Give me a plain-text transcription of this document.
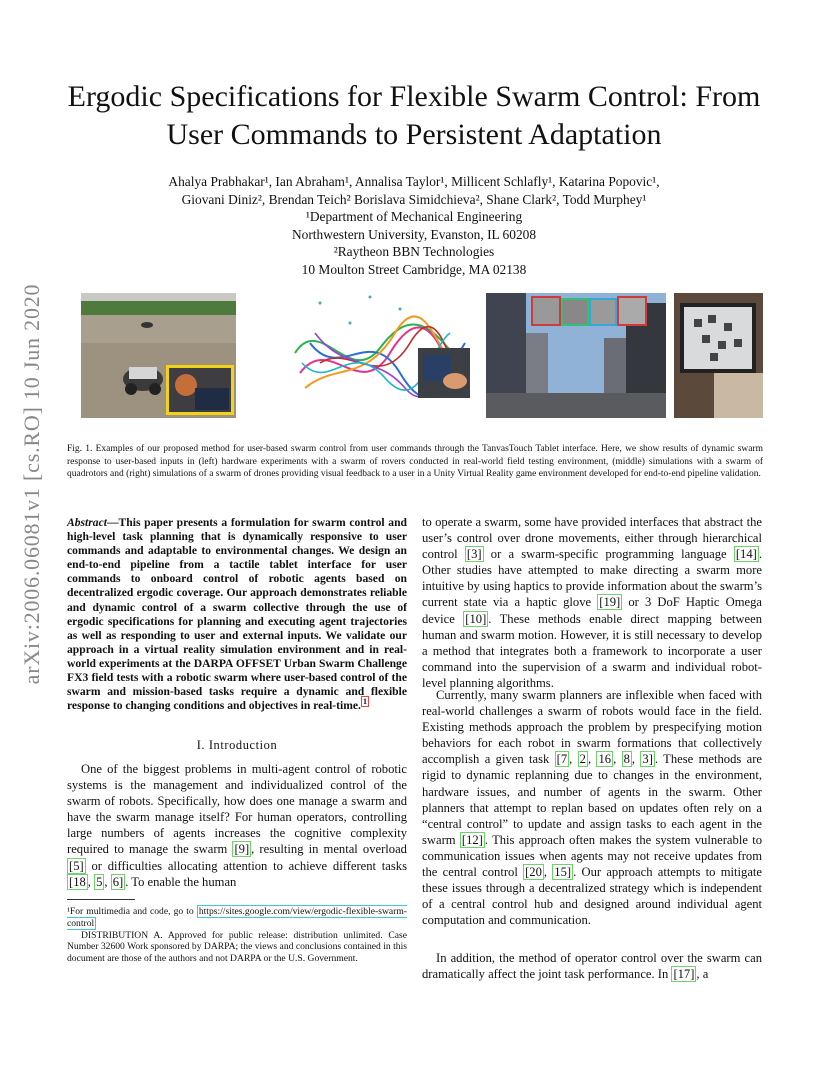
Ergodic Specifications for Flexible Swarm Control: From User Commands to Persistent Adaptation
Ahalya Prabhakar¹, Ian Abraham¹, Annalisa Taylor¹, Millicent Schlafly¹, Katarina Popovic¹,
Giovani Diniz², Brendan Teich² Borislava Simidchieva², Shane Clark², Todd Murphey¹
¹Department of Mechanical Engineering
Northwestern University, Evanston, IL 60208
²Raytheon BBN Technologies
10 Moulton Street Cambridge, MA 02138
arXiv:2006.06081v1 [cs.RO] 10 Jun 2020 Fig. 1. Examples of our proposed method for user-based swarm control from user commands through the TanvasTouch Tablet interface. Here, we show results of dynamic swarm response to user-based inputs in (left) hardware experiments with a swarm of rovers conducted in real-world field testing environment, (middle) simulations with a swarm of quadrotors and (right) simulations of a swarm of drones providing visual feedback to a user in a Unity Virtual Reality game environment developed for end-to-end pipeline validation.
Abstract—This paper presents a formulation for swarm control and high-level task planning that is dynamically responsive to user commands and adaptable to environmental changes. We design an end-to-end pipeline from a tactile tablet interface for user commands to onboard control of robotic agents based on decentralized ergodic coverage. Our approach demonstrates reliable and dynamic control of a swarm collective through the use of ergodic specifications for planning and executing agent trajectories as well as responding to user and external inputs. We validate our approach in a virtual reality simulation environment and in real-world experiments at the DARPA OFFSET Urban Swarm Challenge FX3 field tests with a robotic swarm where user-based control of the swarm and mission-based tasks require a dynamic and flexible response to changing conditions and objectives in real-time. $^1$
I. Introduction
One of the biggest problems in multi-agent control of robotic systems is the management and individualized control of the swarm of robots. Specifically, how does one manage a swarm and have the swarm manage itself? For human operators, controlling large numbers of agents increases the cognitive complexity required to manage the swarm [9] , resulting in mental overload [5] or difficulties allocating attention to achieve different tasks [18 , 5 , 6] . To enable the human
¹For multimedia and code, go to https://sites.google.com/view/ergodic-flexible-swarm-control
DISTRIBUTION A. Approved for public release: distribution unlimited. Case Number 32600 Work sponsored by DARPA; the views and conclusions contained in this document are those of the authors and not DARPA or the U.S. Government.
to operate a swarm, some have provided interfaces that abstract the user’s control over drone movements, either through hierarchical control [3] or a swarm-specific programming language [14] . Other studies have attempted to make directing a swarm more intuitive by using haptics to provide information about the swarm’s current state via a haptic glove [19] or 3 DoF Haptic Omega device [10] . These methods enable direct mapping between human and swarm motion. However, it is still necessary to develop a method that integrates both a framework to incorporate a user command into the supervision of a swarm and individual robot-level planning algorithms.
Currently, many swarm planners are inflexible when faced with real-world challenges a swarm of robots would face in the field. Existing methods approach the problem by prespecifying motion behaviors for each robot in swarm formations that collectively accomplish a given task [7 , 2 , 16 , 8 , 3] . These methods are rigid to dynamic replanning due to changes in the environment, hardware issues, and number of agents in the swarm. Other planners that attempt to replan based on updates often rely on a “central control” to update and assign tasks to each agent in the swarm [12] . This approach often makes the system vulnerable to communication issues when agents may not receive updates from the central control [20 , 15] . Our approach attempts to mitigate these issues through a decentralized strategy which is independent of a central control hub and designed around individual agent computation and communication.
In addition, the method of operator control over the swarm can dramatically affect the joint task performance. In [17] , a
